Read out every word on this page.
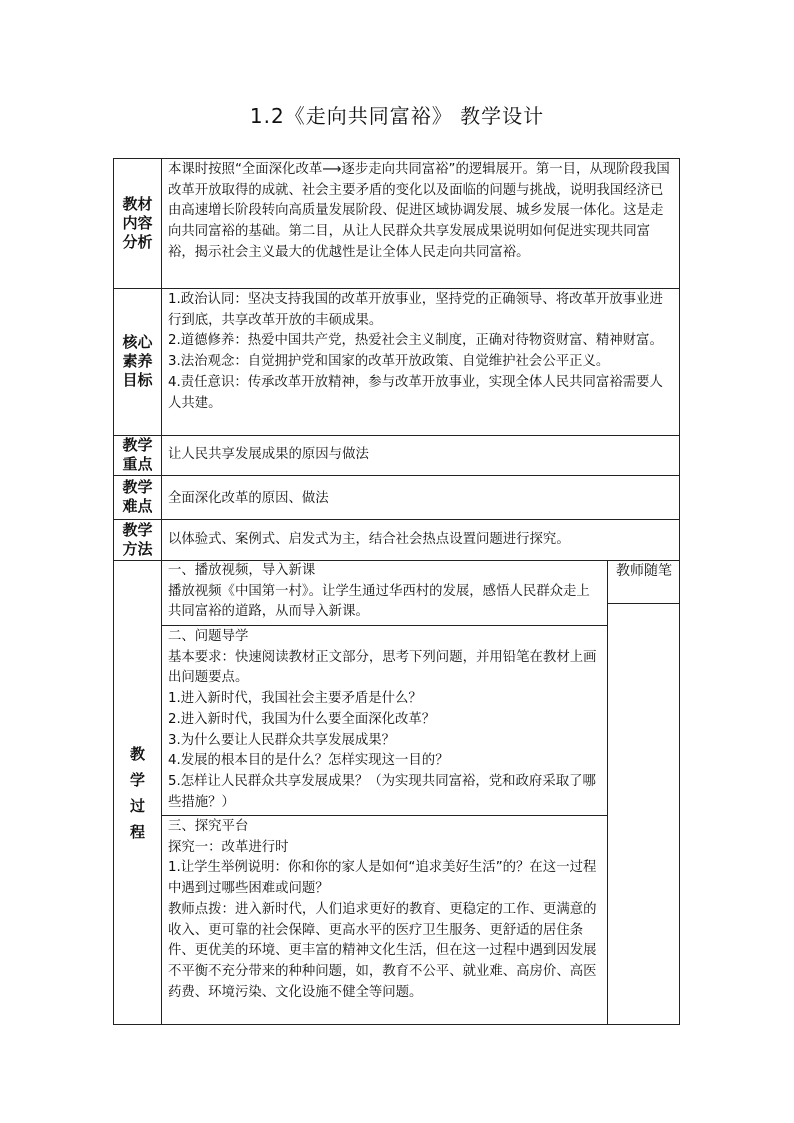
1.2《走向共同富裕》 教学设计
教材内容分析

本课时按照“全面深化改革⟶逐步走向共同富裕”的逻辑展开。第一目，从现阶段我国改革开放取得的成就、社会主要矛盾的变化以及面临的问题与挑战，说明我国经济已由高速增长阶段转向高质量发展阶段、促进区域协调发展、城乡发展一体化。这是走向共同富裕的基础。第二目，从让人民群众共享发展成果说明如何促进实现共同富裕，揭示社会主义最大的优越性是让全体人民走向共同富裕。

核心素养目标

1.政治认同：坚决支持我国的改革开放事业，坚持党的正确领导、将改革开放事业进行到底，共享改革开放的丰硕成果。

2.道德修养：热爱中国共产党，热爱社会主义制度，正确对待物资财富、精神财富。

3.法治观念：自觉拥护党和国家的改革开放政策、自觉维护社会公平正义。

4.责任意识：传承改革开放精神，参与改革开放事业，实现全体人民共同富裕需要人人共建。

教学重点
让人民共享发展成果的原因与做法
教学难点	全面深化改革的原因、做法
教学方法	以体验式、案例式、启发式为主，结合社会热点设置问题进行探究。
教
学
过
程
教师随笔

一、播放视频，导入新课

播放视频《中国第一村》。让学生通过华西村的发展，感悟人民群众走上共同富裕的道路，从而导入新课。

二、问题导学

基本要求：快速阅读教材正文部分，思考下列问题，并用铅笔在教材上画出问题要点。

1.进入新时代，我国社会主要矛盾是什么？

2.进入新时代，我国为什么要全面深化改革？

3.为什么要让人民群众共享发展成果？

4.发展的根本目的是什么？怎样实现这一目的？

5.怎样让人民群众共享发展成果？（为实现共同富裕，党和政府采取了哪些措施？）

三、探究平台

探究一：改革进行时

1.让学生举例说明：你和你的家人是如何“追求美好生活”的？在这一过程中遇到过哪些困难或问题？

教师点拨：进入新时代，人们追求更好的教育、更稳定的工作、更满意的收入、更可靠的社会保障、更高水平的医疗卫生服务、更舒适的居住条件、更优美的环境、更丰富的精神文化生活，但在这一过程中遇到因发展不平衡不充分带来的种种问题，如，教育不公平、就业难、高房价、高医药费、环境污染、文化设施不健全等问题。
